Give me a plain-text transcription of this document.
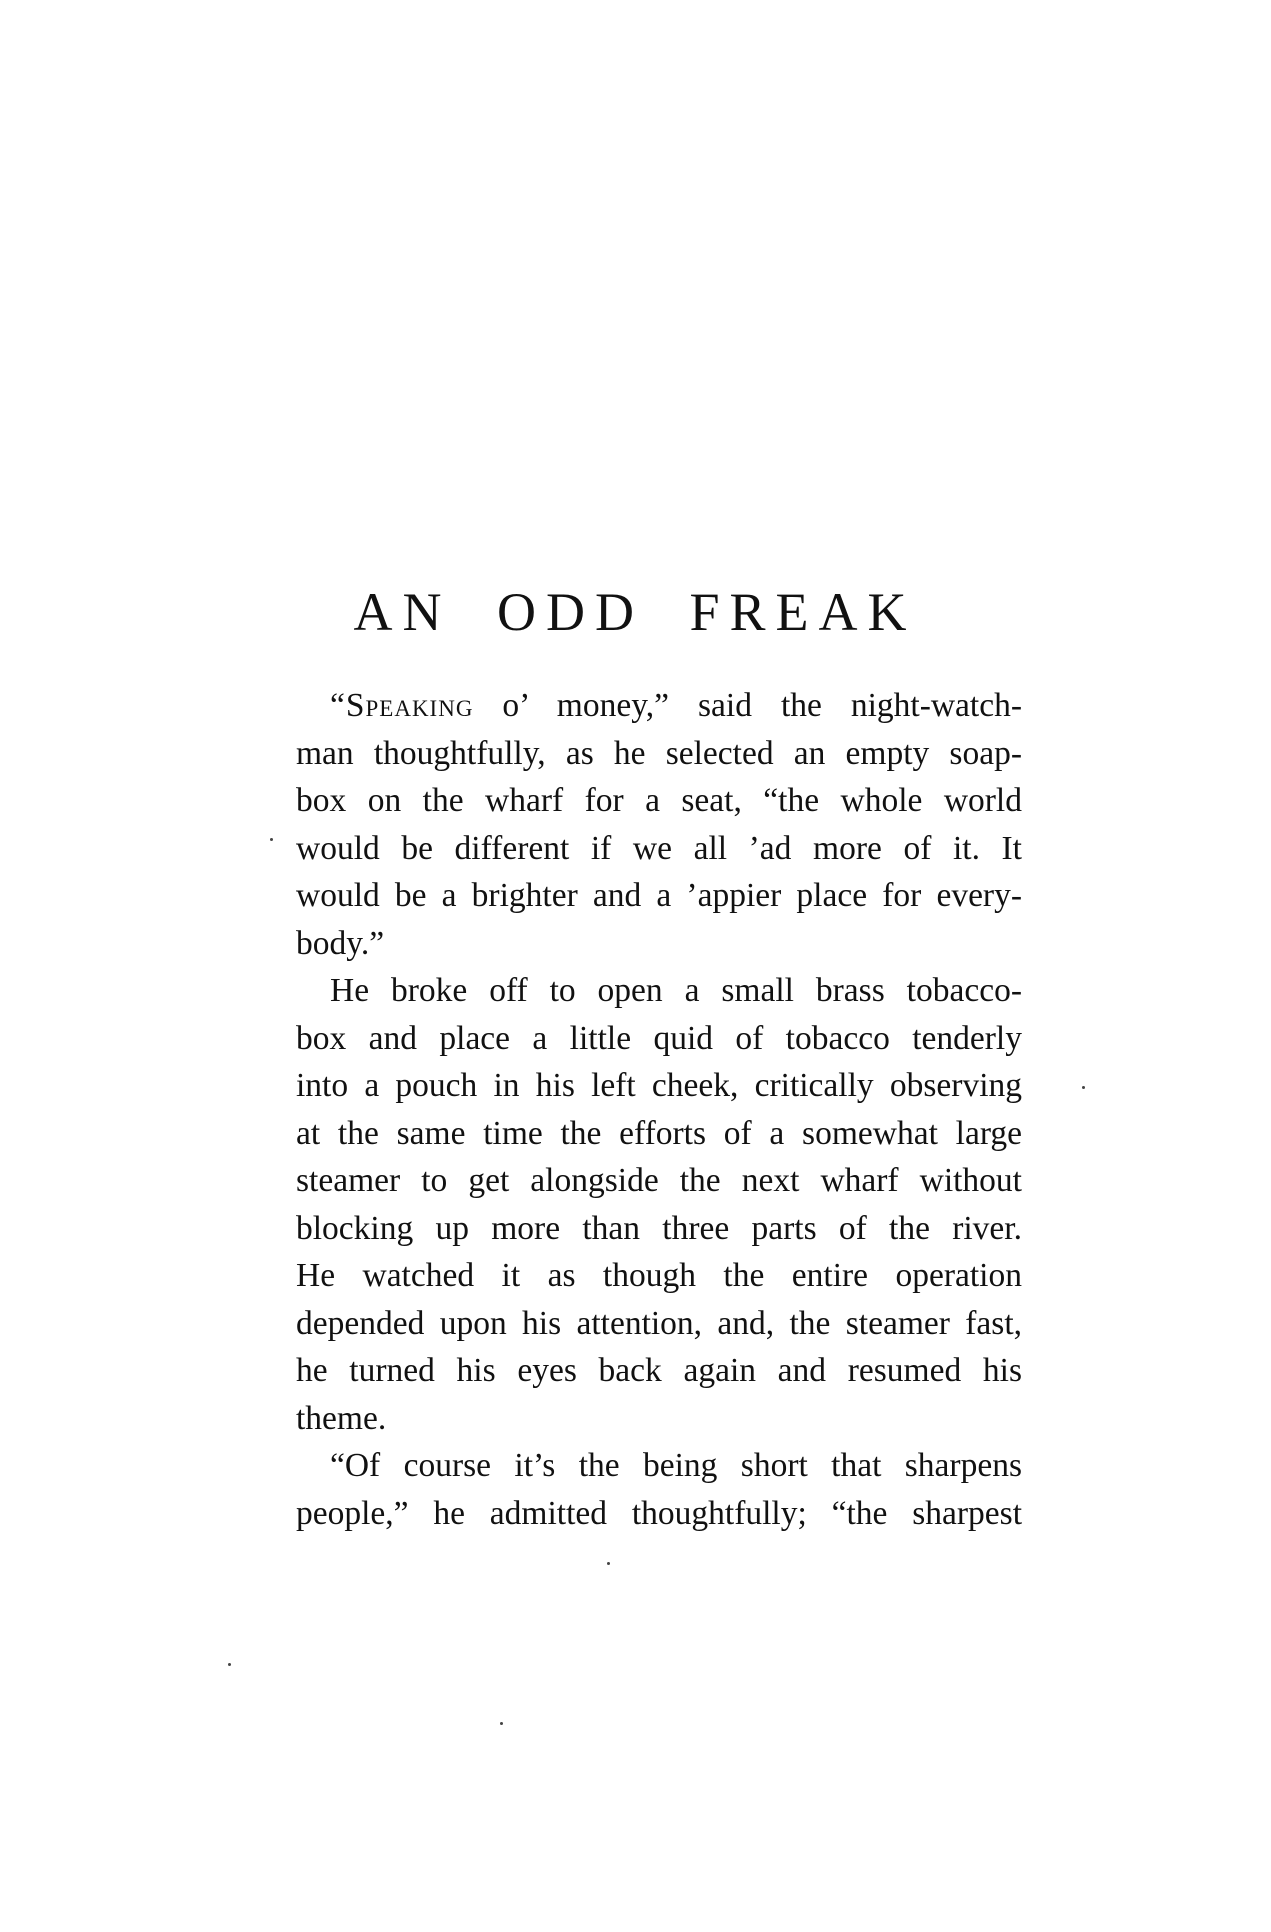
AN ODD FREAK
“Speaking o’ money,” said the night-watch-
man thoughtfully, as he selected an empty soap-
box on the wharf for a seat, “the whole world
would be different if we all ’ad more of it. It
would be a brighter and a ’appier place for every-
body.”
He broke off to open a small brass tobacco-
box and place a little quid of tobacco tenderly
into a pouch in his left cheek, critically observing
at the same time the efforts of a somewhat large
steamer to get alongside the next wharf without
blocking up more than three parts of the river.
He watched it as though the entire operation
depended upon his attention, and, the steamer fast,
he turned his eyes back again and resumed his
theme.
“Of course it’s the being short that sharpens
people,” he admitted thoughtfully; “the sharpest
